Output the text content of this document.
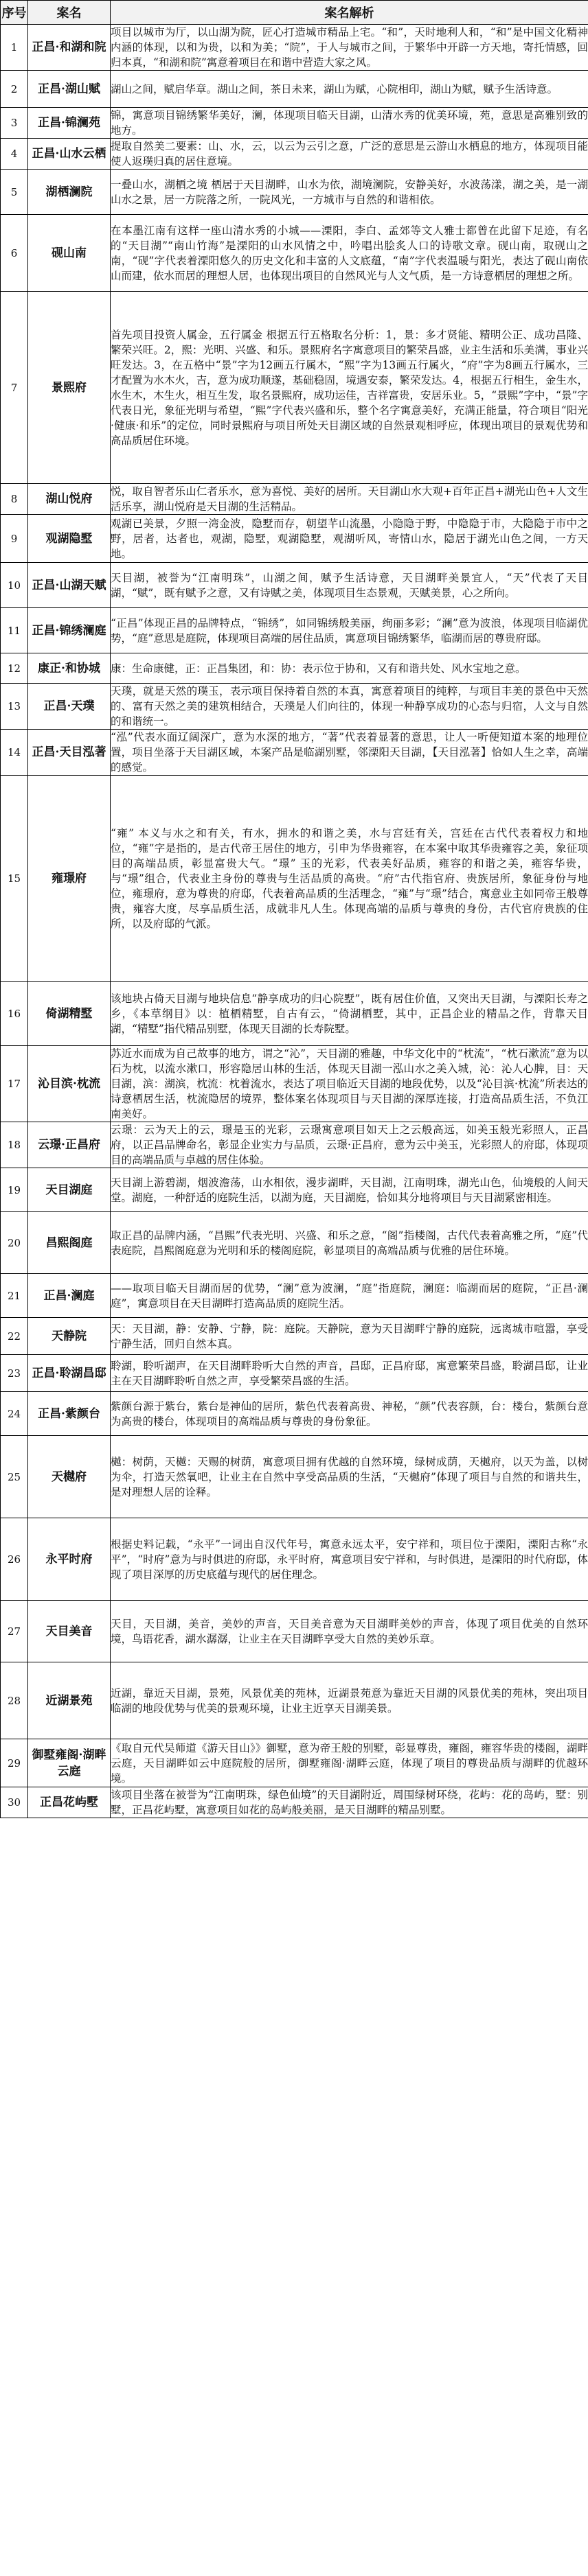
序号	案名	案名解析
1	正昌·和湖和院	项目以城市为厅，以山湖为院，匠心打造城市精品上宅。“和”，天时地利人和，“和”是中国文化精神内涵的体现，以和为贵，以和为美；“院”，于人与城市之间，于繁华中开辟一方天地，寄托情感，回归本真，“和湖和院”寓意着项目在和谐中营造大家之风。
2	正昌·湖山赋	湖山之间，赋启华章。湖山之间，茶日未来，湖山为赋，心院相印，湖山为赋，赋予生活诗意。
3	正昌·锦澜苑	锦，寓意项目锦绣繁华美好，澜，体现项目临天目湖，山清水秀的优美环境，苑，意思是高雅别致的地方。
4	正昌·山水云栖	提取自然美二要素：山、水，云，以云为云引之意，广泛的意思是云游山水栖息的地方，体现项目能使人返璞归真的居住意境。
5	湖栖澜院	一叠山水，湖栖之境 栖居于天目湖畔，山水为依，湖境澜院，安静美好，水波荡漾，湖之美，是一湖山水之景，居一方院落之所，一院风光，一方城市与自然的和谐相依。
6	砚山南	在本墨江南有这样一座山清水秀的小城——溧阳，李白、孟郊等文人雅士都曾在此留下足迹，有名的“天目湖”“南山竹海”是溧阳的山水风情之中，吟唱出脍炙人口的诗歌文章。砚山南，取砚山之南，“砚”字代表着溧阳悠久的历史文化和丰富的人文底蕴，“南”字代表温暖与阳光，表达了砚山南依山而建，依水而居的理想人居，也体现出项目的自然风光与人文气质，是一方诗意栖居的理想之所。
7	景熙府	首先项目投资人属金，五行属金 根据五行五格取名分析：1，景：多才贤能、精明公正、成功昌隆、繁荣兴旺。2，熙：光明、兴盛、和乐。景熙府名字寓意项目的繁荣昌盛，业主生活和乐美满，事业兴旺发达。3，在五格中“景”字为12画五行属木，“熙”字为13画五行属火，“府”字为8画五行属水，三才配置为水木火，吉，意为成功顺遂，基础稳固，境遇安泰，繁荣发达。4，根据五行相生，金生水，水生木，木生火，相互生发，取名景熙府，成功运佳，吉祥富贵，安居乐业。5，“景熙”字中，“景”字代表日光，象征光明与希望，“熙”字代表兴盛和乐，整个名字寓意美好，充满正能量，符合项目“阳光·健康·和乐”的定位，同时景熙府与项目所处天目湖区域的自然景观相呼应，体现出项目的景观优势和高品质居住环境。
8	湖山悦府	悦，取自智者乐山仁者乐水，意为喜悦、美好的居所。天目湖山水大观+百年正昌+湖光山色+人文生活乐享，湖山悦府是天目湖的生活精品。
9	观湖隐墅	观湖已美景，夕照一湾金波，隐墅而存，朝望芊山流墨，小隐隐于野，中隐隐于市，大隐隐于市中之野，居者，达者也，观湖，隐墅，观湖隐墅，观湖听风，寄情山水，隐居于湖光山色之间，一方天地。
10	正昌·山湖天赋	天目湖，被誉为“江南明珠”，山湖之间，赋予生活诗意，天目湖畔美景宜人，“天”代表了天目湖，“赋”，既有赋予之意，又有诗赋之美，体现项目生态景观，天赋美景，心之所向。
11	正昌·锦绣澜庭	“正昌”体现正昌的品牌特点，“锦绣”，如同锦绣般美丽，绚丽多彩；“澜”意为波浪，体现项目临湖优势，“庭”意思是庭院，体现项目高端的居住品质，寓意项目锦绣繁华，临湖而居的尊贵府邸。
12	康正·和协城	康：生命康健，正：正昌集团，和：协：表示位于协和，又有和谐共处、风水宝地之意。
13	正昌·天璞	天璞，就是天然的璞玉，表示项目保持着自然的本真，寓意着项目的纯粹，与项目丰美的景色中天然的、富有天然之美的建筑相结合，天璞是人们向往的，体现一种静享成功的心态与归宿，人文与自然的和谐统一。
14	正昌·天目泓著	“泓”代表水面辽阔深广，意为水深的地方，“著”代表着显著的意思，让人一听便知道本案的地理位置，项目坐落于天目湖区域，本案产品是临湖别墅，邻溧阳天目湖，【天目泓著】恰如人生之幸，高端的感觉。
15	雍璟府	“雍” 本义与水之和有关，有水，拥水的和谐之美，水与宫廷有关，宫廷在古代代表着权力和地位，“雍”字是指的，是古代帝王居住的地方，引申为华贵雍容，在本案中取其华贵雍容之美，象征项目的高端品质，彰显富贵大气。“璟” 玉的光彩，代表美好品质，雍容的和谐之美，雍容华贵，与“璟”组合，代表业主身份的尊贵与生活品质的高贵。“府”古代指官府、贵族居所，象征身份与地位，雍璟府，意为尊贵的府邸，代表着高品质的生活理念，“雍”与“璟”结合，寓意业主如同帝王般尊贵，雍容大度，尽享品质生活，成就非凡人生。体现高端的品质与尊贵的身份，古代官府贵族的住所，以及府邸的气派。
16	倚湖精墅	该地块占倚天目湖与地块信息“静享成功的归心院墅”，既有居住价值，又突出天目湖，与溧阳长寿之乡，《本草纲目》以：植栖精墅，自古有云，“倚湖栖墅，其中，正昌企业的精品之作，背靠天目湖，“精墅”指代精品别墅，体现天目湖的长寿院墅。
17	沁目滨·枕流	苏近水而成为自己故事的地方，谓之“沁”，天目湖的雅趣，中华文化中的“枕流”，“枕石漱流”意为以石为枕，以流水漱口，形容隐居山林的生活，体现天目湖一泓山水之美入城，沁：沁人心脾，目：天目湖，滨：湖滨，枕流：枕着流水，表达了项目临近天目湖的地段优势，以及“沁目滨·枕流”所表达的诗意栖居生活，枕流隐居的境界，整体案名体现项目与天目湖的深厚连接，打造高品质生活，不负江南美好。
18	云璟·正昌府	云璟：云为天上的云，璟是玉的光彩，云璟寓意项目如天上之云般高远，如美玉般光彩照人，正昌府，以正昌品牌命名，彰显企业实力与品质，云璟·正昌府，意为云中美玉，光彩照人的府邸，体现项目的高端品质与卓越的居住体验。
19	天目湖庭	天目湖上游碧湖，烟波澹荡，山水相依，漫步湖畔，天目湖，江南明珠，湖光山色，仙境般的人间天堂。湖庭，一种舒适的庭院生活，以湖为庭，天目湖庭，恰如其分地将项目与天目湖紧密相连。
20	昌熙阁庭	取正昌的品牌内涵，“昌熙”代表光明、兴盛、和乐之意，“阁”指楼阁，古代代表着高雅之所，“庭”代表庭院，昌熙阁庭意为光明和乐的楼阁庭院，彰显项目的高端品质与优雅的居住环境。
21	正昌·澜庭	——取项目临天目湖而居的优势，“澜”意为波澜，“庭”指庭院，澜庭：临湖而居的庭院，“正昌·澜庭”，寓意项目在天目湖畔打造高品质的庭院生活。
22	天静院	天：天目湖，静：安静、宁静，院：庭院。天静院，意为天目湖畔宁静的庭院，远离城市喧嚣，享受宁静生活，回归自然本真。
23	正昌·聆湖昌邸	聆湖，聆听湖声，在天目湖畔聆听大自然的声音，昌邸，正昌府邸，寓意繁荣昌盛，聆湖昌邸，让业主在天目湖畔聆听自然之声，享受繁荣昌盛的生活。
24	正昌·紫颜台	紫颜台源于紫台，紫台是神仙的居所，紫色代表着高贵、神秘，“颜”代表容颜，台：楼台，紫颜台意为高贵的楼台，体现项目的高端品质与尊贵的身份象征。
25	天樾府	樾：树荫，天樾：天赐的树荫，寓意项目拥有优越的自然环境，绿树成荫，天樾府，以天为盖，以树为伞，打造天然氧吧，让业主在自然中享受高品质的生活，“天樾府”体现了项目与自然的和谐共生，是对理想人居的诠释。
26	永平时府	根据史料记载，“永平”一词出自汉代年号，寓意永远太平，安宁祥和，项目位于溧阳，溧阳古称“永平”，“时府”意为与时俱进的府邸，永平时府，寓意项目安宁祥和，与时俱进，是溧阳的时代府邸，体现了项目深厚的历史底蕴与现代的居住理念。
27	天目美音	天目，天目湖，美音，美妙的声音，天目美音意为天目湖畔美妙的声音，体现了项目优美的自然环境，鸟语花香，湖水潺潺，让业主在天目湖畔享受大自然的美妙乐章。
28	近湖景苑	近湖，靠近天目湖，景苑，风景优美的苑林，近湖景苑意为靠近天目湖的风景优美的苑林，突出项目临湖的地段优势与优美的景观环境，让业主近享天目湖美景。
29	御墅雍阁·湖畔云庭	《取自元代吴师道《游天目山》》御墅，意为帝王般的别墅，彰显尊贵，雍阁，雍容华贵的楼阁，湖畔云庭，天目湖畔如云中庭院般的居所，御墅雍阁·湖畔云庭，体现了项目的尊贵品质与湖畔的优越环境。
30	正昌花屿墅	该项目坐落在被誉为“江南明珠，绿色仙境”的天目湖附近，周围绿树环绕，花屿：花的岛屿，墅：别墅，正昌花屿墅，寓意项目如花的岛屿般美丽，是天目湖畔的精品别墅。
